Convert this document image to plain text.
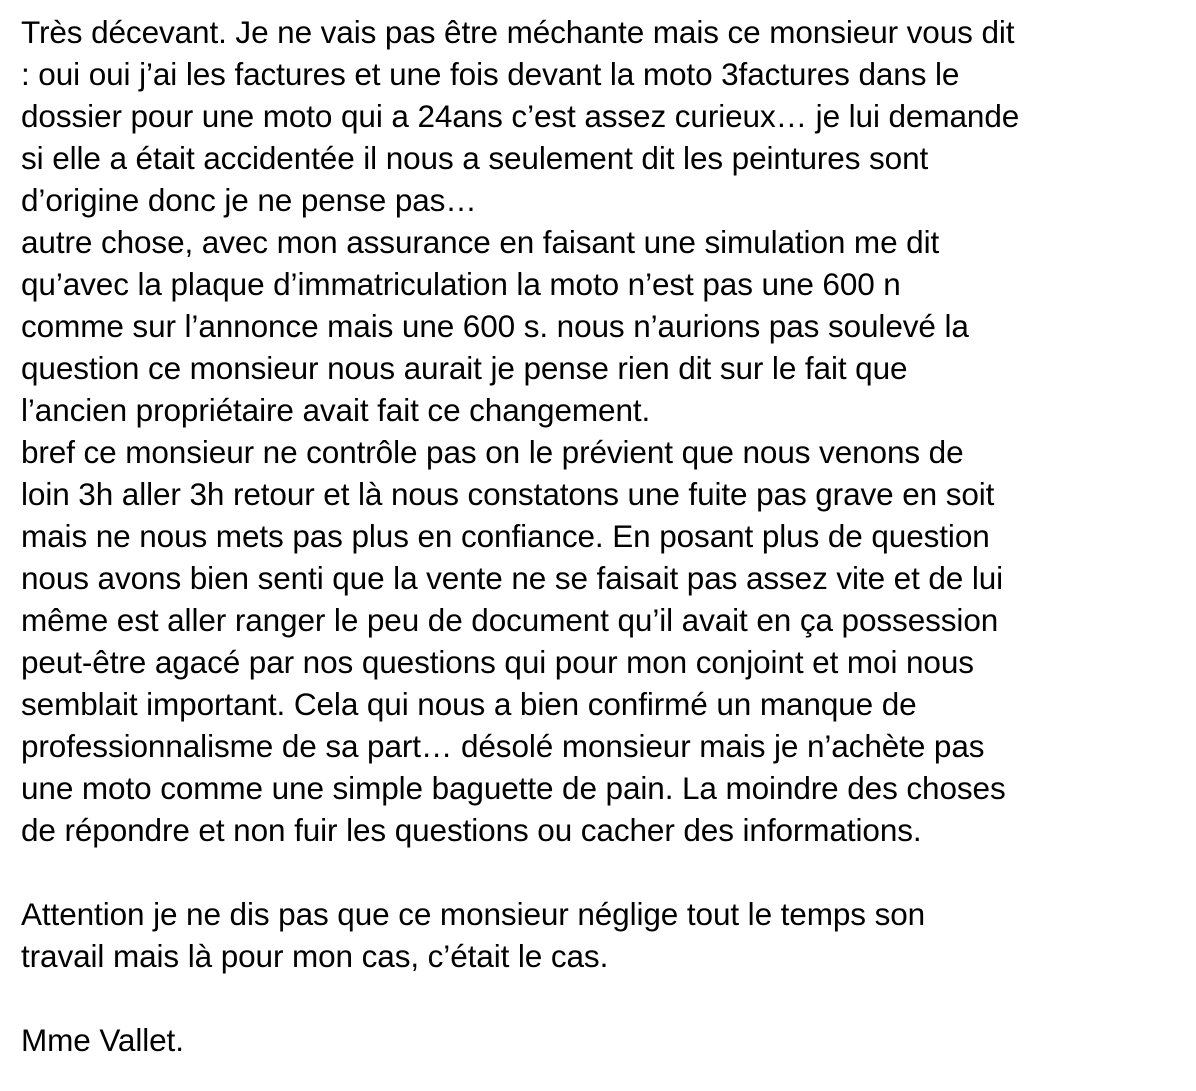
Très décevant. Je ne vais pas être méchante mais ce monsieur vous dit
: oui oui j’ai les factures et une fois devant la moto 3factures dans le
dossier pour une moto qui a 24ans c’est assez curieux… je lui demande
si elle a était accidentée il nous a seulement dit les peintures sont
d’origine donc je ne pense pas…
autre chose, avec mon assurance en faisant une simulation me dit
qu’avec la plaque d’immatriculation la moto n’est pas une 600 n
comme sur l’annonce mais une 600 s. nous n’aurions pas soulevé la
question ce monsieur nous aurait je pense rien dit sur le fait que
l’ancien propriétaire avait fait ce changement.
bref ce monsieur ne contrôle pas on le prévient que nous venons de
loin 3h aller 3h retour et là nous constatons une fuite pas grave en soit
mais ne nous mets pas plus en confiance. En posant plus de question
nous avons bien senti que la vente ne se faisait pas assez vite et de lui
même est aller ranger le peu de document qu’il avait en ça possession
peut-être agacé par nos questions qui pour mon conjoint et moi nous
semblait important. Cela qui nous a bien confirmé un manque de
professionnalisme de sa part… désolé monsieur mais je n’achète pas
une moto comme une simple baguette de pain. La moindre des choses
de répondre et non fuir les questions ou cacher des informations.
Attention je ne dis pas que ce monsieur néglige tout le temps son
travail mais là pour mon cas, c’était le cas.
Mme Vallet.
